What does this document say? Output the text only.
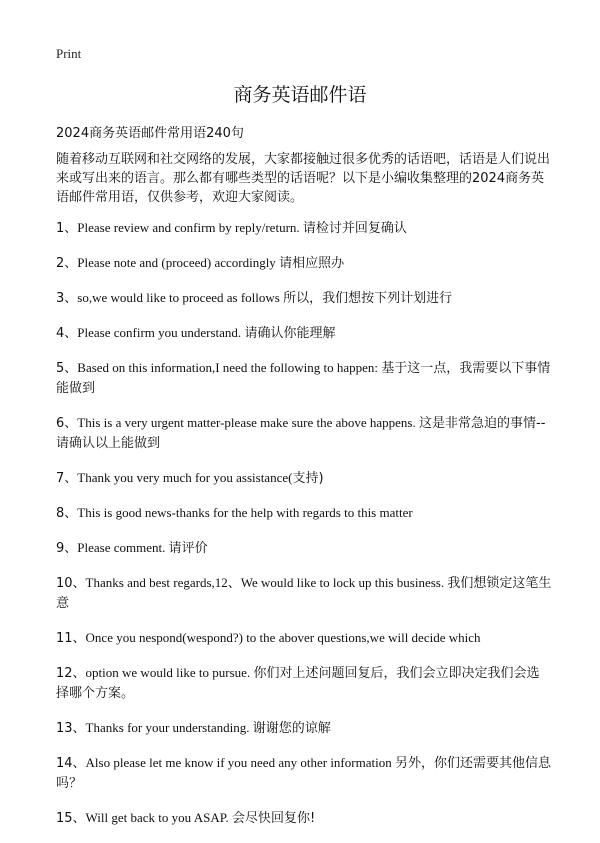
Print
商务英语邮件语
2024商务英语邮件常用语240句
随着移动互联网和社交网络的发展，大家都接触过很多优秀的话语吧，话语是人们说出来或写出来的语言。那么都有哪些类型的话语呢？以下是小编收集整理的2024商务英语邮件常用语，仅供参考，欢迎大家阅读。
1、Please review and confirm by reply/return. 请检讨并回复确认
2、Please note and (proceed) accordingly 请相应照办
3、so,we would like to proceed as follows 所以，我们想按下列计划进行
4、Please confirm you understand. 请确认你能理解
5、Based on this information,I need the following to happen: 基于这一点，我需要以下事情能做到
6、This is a very urgent matter-please make sure the above happens. 这是非常急迫的事情--请确认以上能做到
7、Thank you very much for you assistance(支持)
8、This is good news-thanks for the help with regards to this matter
9、Please comment. 请评价
10、Thanks and best regards,12、We would like to lock up this business. 我们想锁定这笔生意
11、Once you nespond(wespond?) to the abover questions,we will decide which
12、option we would like to pursue. 你们对上述问题回复后，我们会立即决定我们会选择哪个方案。
13、Thanks for your understanding. 谢谢您的谅解
14、Also please let me know if you need any other information 另外，你们还需要其他信息吗？
15、Will get back to you ASAP. 会尽快回复你!
